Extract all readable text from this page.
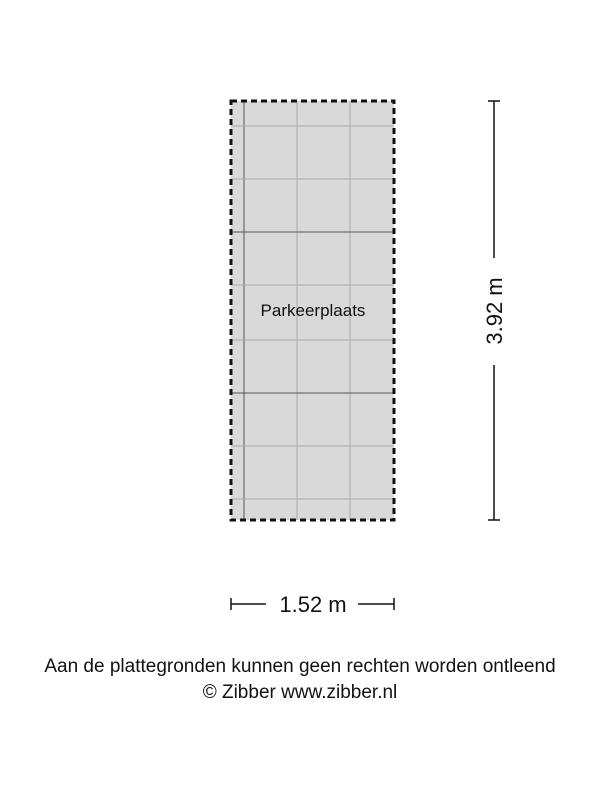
Parkeerplaats	3.92 m
1.52 m
Aan de plattegronden kunnen geen rechten worden ontleend
© Zibber www.zibber.nl
